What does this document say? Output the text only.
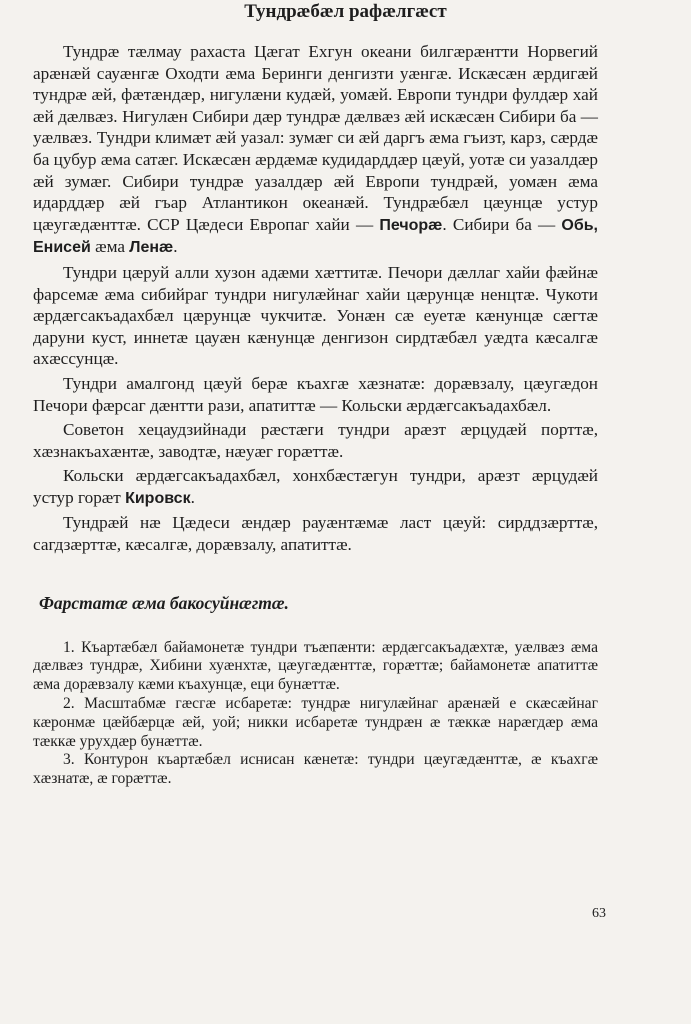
Тундрæбæл рафæлгæст

Тундрæ тæлмау рахаста Цæгат Ехгун океани билгæрæнтти Норвегий арæнæй сауæнгæ Оходти æма Беринги денгизти уæнгæ. Искæсæн æрдигæй тундрæ æй, фæтæндæр, нигулæни кудæй, уомæй. Европи тундри фулдæр хай æй дæлвæз. Нигулæн Сибири дæр тундрæ дæлвæз æй искæсæн Сибири ба — уæлвæз. Тундри климæт æй уазал: зумæг си æй даргъ æма гъизт, карз, сæрдæ ба цубур æма сатæг. Искæсæн æрдæмæ кудидарддæр цæуй, уотæ си уазалдæр æй зумæг. Сибири тундрæ уазалдæр æй Европи тундрæй, уомæн æма идарддæр æй гъар Атлантикон океанæй. Тундрæбæл цæунцæ устур цæугæдæнттæ. ССР Цæдеси Европаг хайи — Печорæ. Сибири ба — Обь, Енисей æма Ленæ.

Тундри цæруй алли хузон адæми хæттитæ. Печори дæллаг хайи фæйнæ фарсемæ æма сибийраг тундри нигулæйнаг хайи цæрунцæ ненцтæ. Чукоти æрдæгсакъадахбæл цæрунцæ чукчитæ. Уонæн сæ еуетæ кæнунцæ сæгтæ даруни куст, иннетæ цауæн кæнунцæ денгизон сирдтæбæл уæдта кæсалгæ ахæссунцæ.

Тундри амалгонд цæуй берæ къахгæ хæзнатæ: дорæвзалу, цæугæдон Печори фæрсаг дæнтти рази, апатиттæ — Кольски æрдæгсакъадахбæл.

Советон хецаудзийнади рæстæги тундри арæзт æрцудæй порттæ, хæзнакъахæнтæ, заводтæ, нæуæг горæттæ.

Кольски æрдæгсакъадахбæл, хонхбæстæгун тундри, арæзт æрцудæй устур горæт Кировск.

Тундрæй нæ Цæдеси æндæр рауæнтæмæ ласт цæуй: сирддзæрттæ, сагдзæрттæ, кæсалгæ, дорæвзалу, апатиттæ.

Фарстатæ æма бакосуйнæгтæ.

1. Къартæбæл байамонетæ тундри тъæпæнти: æрдæгсакъадæхтæ, уæлвæз æма дæлвæз тундрæ, Хибини хуæнхтæ, цæугæдæнттæ, горæттæ; байамонетæ апатиттæ æма дорæвзалу кæми къахунцæ, еци бунæттæ.

2. Масштабмæ гæсгæ исбаретæ: тундрæ нигулæйнаг арæнæй е скæсæйнаг кæронмæ цæйбæрцæ æй, уой; никки исбаретæ тундрæн æ тæккæ нарæгдæр æма тæккæ урухдæр бунæттæ.

3. Контурон къартæбæл иснисан кæнетæ: тундри цæугæдæнттæ, æ къахгæ хæзнатæ, æ горæттæ.

63
